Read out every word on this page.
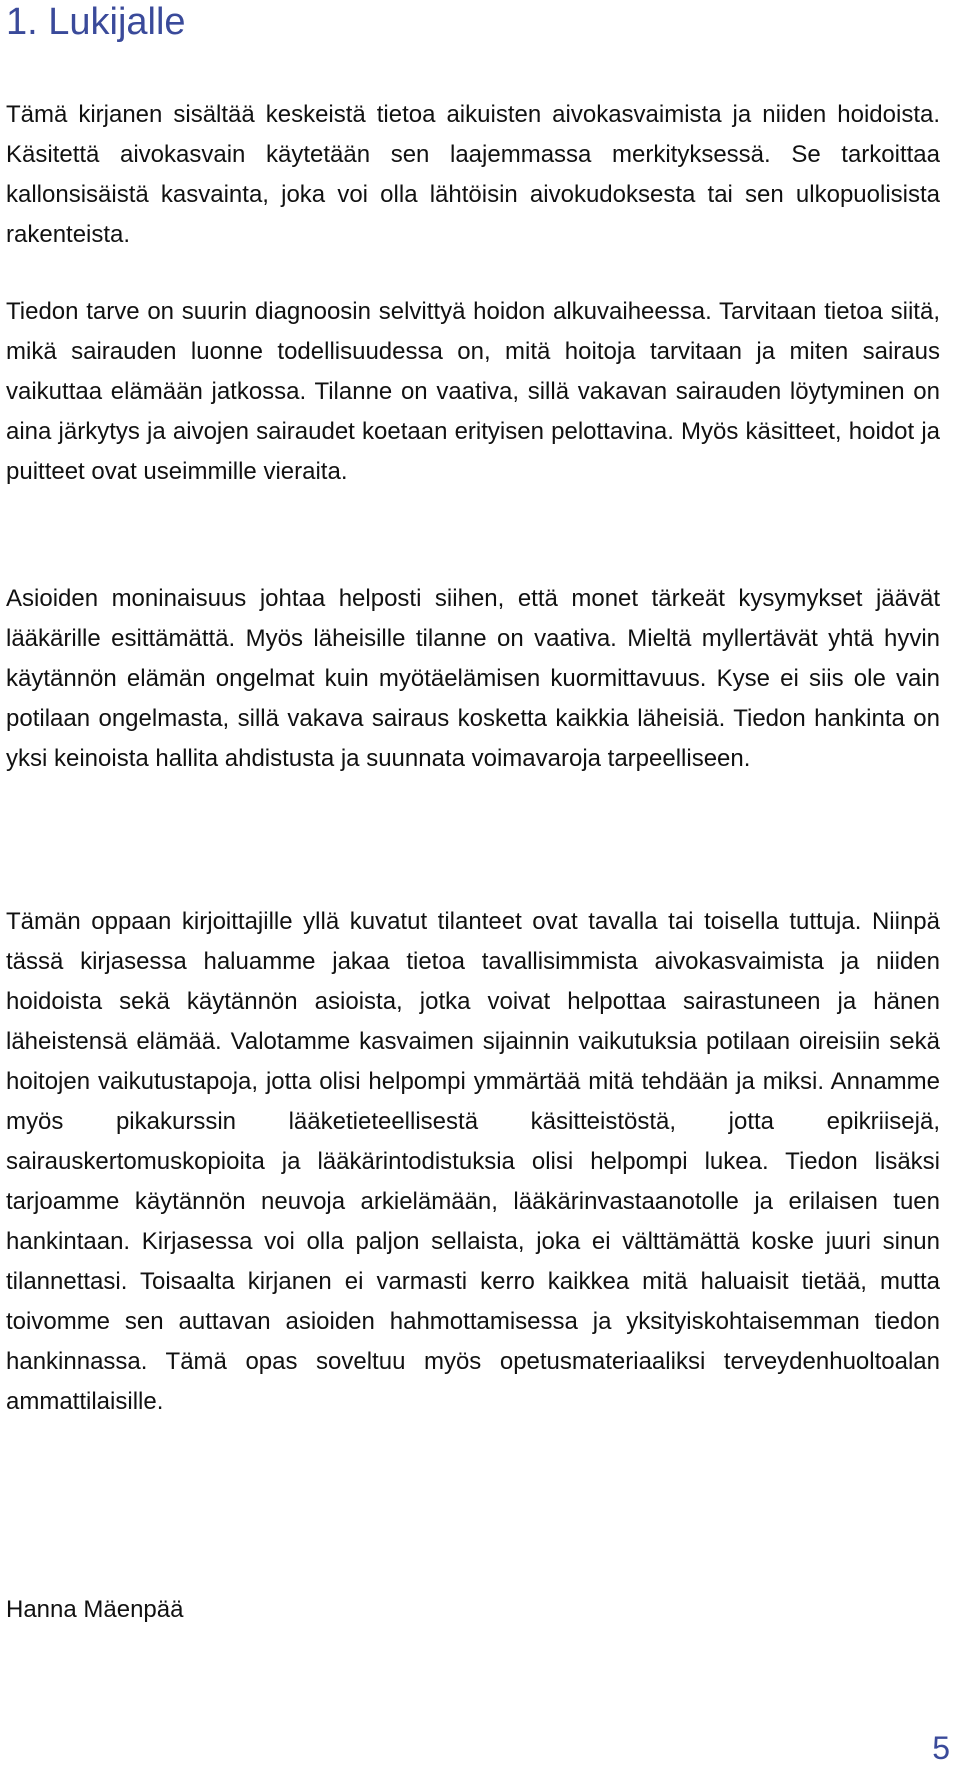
1. Lukijalle

Tämä kirjanen sisältää keskeistä tietoa aikuisten aivokasvaimista ja niiden hoidoista. Käsitettä aivokasvain käytetään sen laajemmassa merkityksessä. Se tarkoittaa kallonsisäistä kasvainta, joka voi olla lähtöisin aivokudoksesta tai sen ulkopuolisista rakenteista.

Tiedon tarve on suurin diagnoosin selvittyä hoidon alkuvaiheessa. Tarvitaan tietoa siitä, mikä sairauden luonne todellisuudessa on, mitä hoitoja tarvitaan ja miten sairaus vaikuttaa elämään jatkossa. Tilanne on vaativa, sillä vakavan sairauden löytyminen on aina järkytys ja aivojen sairaudet koetaan erityisen pelottavina. Myös käsitteet, hoidot ja puitteet ovat useimmille vieraita.

Asioiden moninaisuus johtaa helposti siihen, että monet tärkeät kysymykset jäävät lääkärille esittämättä. Myös läheisille tilanne on vaativa. Mieltä myllertävät yhtä hyvin käytännön elämän ongelmat kuin myötäelämisen kuormittavuus. Kyse ei siis ole vain potilaan ongelmasta, sillä vakava sairaus kosketta kaikkia läheisiä. Tiedon hankinta on yksi keinoista hallita ahdistusta ja suunnata voimavaroja tarpeelliseen.

Tämän oppaan kirjoittajille yllä kuvatut tilanteet ovat tavalla tai toisella tuttuja. Niinpä tässä kirjasessa haluamme jakaa tietoa tavallisimmista aivokasvaimista ja niiden hoidoista sekä käytännön asioista, jotka voivat helpottaa sairastuneen ja hänen läheistensä elämää. Valotamme kasvaimen sijainnin vaikutuksia potilaan oireisiin sekä hoitojen vaikutustapoja, jotta olisi helpompi ymmärtää mitä tehdään ja miksi. Annamme myös pikakurssin lääketieteellisestä käsitteistöstä, jotta epikriisejä, sairauskertomuskopioita ja lääkärintodistuksia olisi helpompi lukea. Tiedon lisäksi tarjoamme käytännön neuvoja arkielämään, lääkärinvastaanotolle ja erilaisen tuen hankintaan. Kirjasessa voi olla paljon sellaista, joka ei välttämättä koske juuri sinun tilannettasi. Toisaalta kirjanen ei varmasti kerro kaikkea mitä haluaisit tietää, mutta toivomme sen auttavan asioiden hahmottamisessa ja yksityiskohtaisemman tiedon hankinnassa. Tämä opas soveltuu myös opetusmateriaaliksi terveydenhuoltoalan ammattilaisille.

Hanna Mäenpää

5
